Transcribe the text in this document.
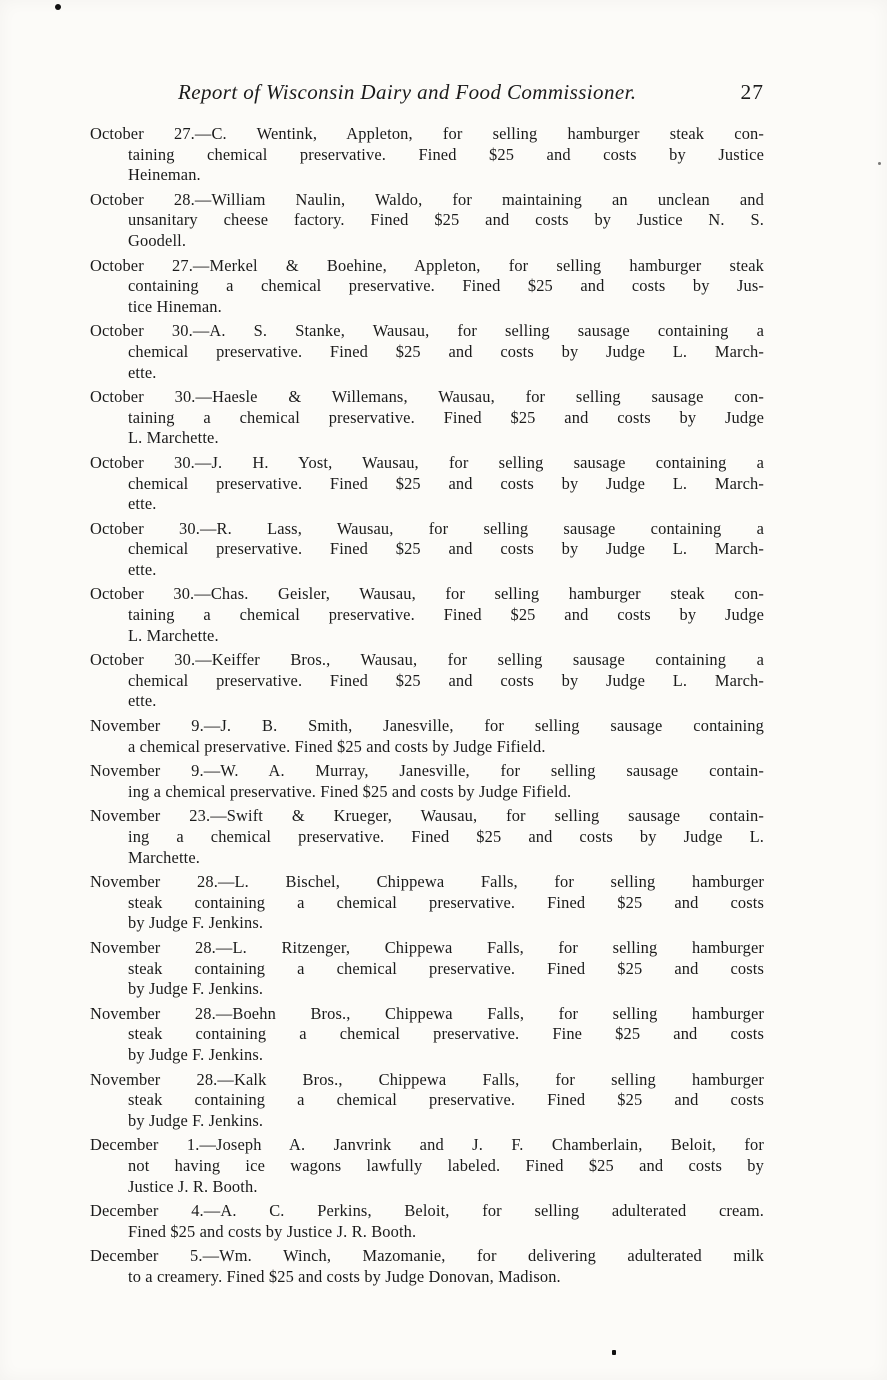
Report of Wisconsin Dairy and Food Commissioner.	27

October 27.—C. Wentink, Appleton, for selling hamburger steak con-
taining chemical preservative. Fined $25 and costs by Justice
Heineman.

October 28.—William Naulin, Waldo, for maintaining an unclean and
unsanitary cheese factory. Fined $25 and costs by Justice N. S.
Goodell.

October 27.—Merkel & Boehine, Appleton, for selling hamburger steak
containing a chemical preservative. Fined $25 and costs by Jus-
tice Hineman.

October 30.—A. S. Stanke, Wausau, for selling sausage containing a
chemical preservative. Fined $25 and costs by Judge L. March-
ette.

October 30.—Haesle & Willemans, Wausau, for selling sausage con-
taining a chemical preservative. Fined $25 and costs by Judge
L. Marchette.

October 30.—J. H. Yost, Wausau, for selling sausage containing a
chemical preservative. Fined $25 and costs by Judge L. March-
ette.

October 30.—R. Lass, Wausau, for selling sausage containing a
chemical preservative. Fined $25 and costs by Judge L. March-
ette.

October 30.—Chas. Geisler, Wausau, for selling hamburger steak con-
taining a chemical preservative. Fined $25 and costs by Judge
L. Marchette.

October 30.—Keiffer Bros., Wausau, for selling sausage containing a
chemical preservative. Fined $25 and costs by Judge L. March-
ette.

November 9.—J. B. Smith, Janesville, for selling sausage containing
a chemical preservative. Fined $25 and costs by Judge Fifield.

November 9.—W. A. Murray, Janesville, for selling sausage contain-
ing a chemical preservative. Fined $25 and costs by Judge Fifield.

November 23.—Swift & Krueger, Wausau, for selling sausage contain-
ing a chemical preservative. Fined $25 and costs by Judge L.
Marchette.

November 28.—L. Bischel, Chippewa Falls, for selling hamburger
steak containing a chemical preservative. Fined $25 and costs
by Judge F. Jenkins.

November 28.—L. Ritzenger, Chippewa Falls, for selling hamburger
steak containing a chemical preservative. Fined $25 and costs
by Judge F. Jenkins.

November 28.—Boehn Bros., Chippewa Falls, for selling hamburger
steak containing a chemical preservative. Fine $25 and costs
by Judge F. Jenkins.

November 28.—Kalk Bros., Chippewa Falls, for selling hamburger
steak containing a chemical preservative. Fined $25 and costs
by Judge F. Jenkins.

December 1.—Joseph A. Janvrink and J. F. Chamberlain, Beloit, for
not having ice wagons lawfully labeled. Fined $25 and costs by
Justice J. R. Booth.

December 4.—A. C. Perkins, Beloit, for selling adulterated cream.
Fined $25 and costs by Justice J. R. Booth.

December 5.—Wm. Winch, Mazomanie, for delivering adulterated milk
to a creamery. Fined $25 and costs by Judge Donovan, Madison.
